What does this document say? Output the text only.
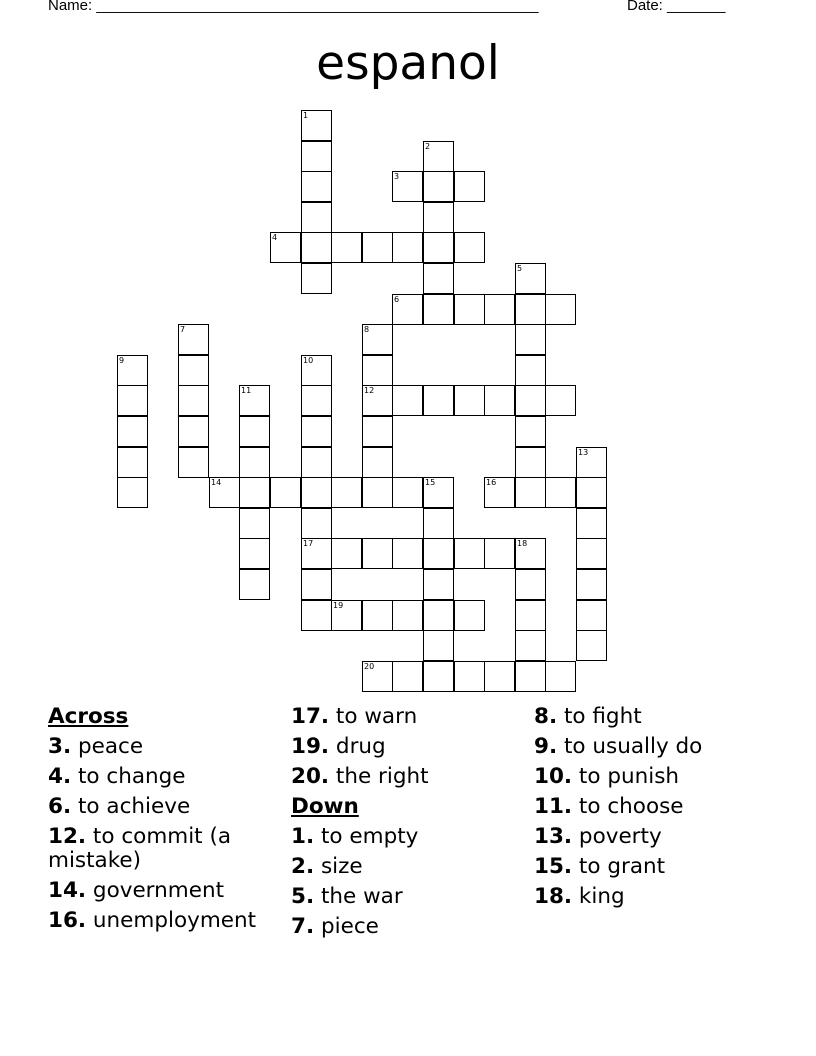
Name: _____________________________________________________	Date: _______
espanol
1
2
3
4
5
6
7	8
12
9	10
17
11
13
14	15	16
18
19
20
Across
3. peace
4. to change
6. to achieve
12. to commit (a mistake)
14. government
16. unemployment
17. to warn
19. drug
20. the right
Down
1. to empty
2. size
5. the war
7. piece
8. to fight
9. to usually do
10. to punish
11. to choose
13. poverty
15. to grant
18. king
